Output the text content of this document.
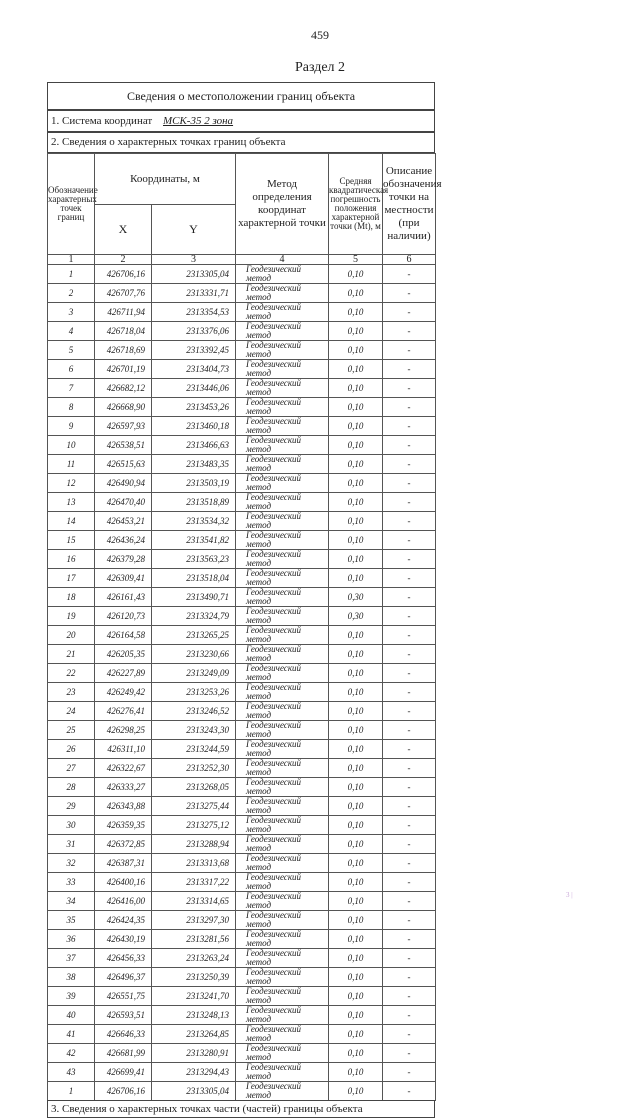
459
Раздел 2
Сведения о местоположении границ объекта
1. Система координат МСК-35 2 зона
2. Сведения о характерных точках границ объекта
Обозначение характерных точек границ	Координаты, м		Метод определения координат характерной точки	Средняя квадратическая погрешность положения характерной точки (Mt), м	Описание обозначения точки на местности (при наличии)
	X	Y			
1	2	3	4	5	6
1	426706,16	2313305,04	Геодезический метод	0,10	-
2	426707,76	2313331,71	Геодезический метод	0,10	-
3	426711,94	2313354,53	Геодезический метод	0,10	-
4	426718,04	2313376,06	Геодезический метод	0,10	-
5	426718,69	2313392,45	Геодезический метод	0,10	-
6	426701,19	2313404,73	Геодезический метод	0,10	-
7	426682,12	2313446,06	Геодезический метод	0,10	-
8	426668,90	2313453,26	Геодезический метод	0,10	-
9	426597,93	2313460,18	Геодезический метод	0,10	-
10	426538,51	2313466,63	Геодезический метод	0,10	-
11	426515,63	2313483,35	Геодезический метод	0,10	-
12	426490,94	2313503,19	Геодезический метод	0,10	-
13	426470,40	2313518,89	Геодезический метод	0,10	-
14	426453,21	2313534,32	Геодезический метод	0,10	-
15	426436,24	2313541,82	Геодезический метод	0,10	-
16	426379,28	2313563,23	Геодезический метод	0,10	-
17	426309,41	2313518,04	Геодезический метод	0,10	-
18	426161,43	2313490,71	Геодезический метод	0,30	-
19	426120,73	2313324,79	Геодезический метод	0,30	-
20	426164,58	2313265,25	Геодезический метод	0,10	-
21	426205,35	2313230,66	Геодезический метод	0,10	-
22	426227,89	2313249,09	Геодезический метод	0,10	-
23	426249,42	2313253,26	Геодезический метод	0,10	-
24	426276,41	2313246,52	Геодезический метод	0,10	-
25	426298,25	2313243,30	Геодезический метод	0,10	-
26	426311,10	2313244,59	Геодезический метод	0,10	-
27	426322,67	2313252,30	Геодезический метод	0,10	-
28	426333,27	2313268,05	Геодезический метод	0,10	-
29	426343,88	2313275,44	Геодезический метод	0,10	-
30	426359,35	2313275,12	Геодезический метод	0,10	-
31	426372,85	2313288,94	Геодезический метод	0,10	-
32	426387,31	2313313,68	Геодезический метод	0,10	-
33	426400,16	2313317,22	Геодезический метод	0,10	-
34	426416,00	2313314,65	Геодезический метод	0,10	-
35	426424,35	2313297,30	Геодезический метод	0,10	-
36	426430,19	2313281,56	Геодезический метод	0,10	-
37	426456,33	2313263,24	Геодезический метод	0,10	-
38	426496,37	2313250,39	Геодезический метод	0,10	-
39	426551,75	2313241,70	Геодезический метод	0,10	-
40	426593,51	2313248,13	Геодезический метод	0,10	-
41	426646,33	2313264,85	Геодезический метод	0,10	-
42	426681,99	2313280,91	Геодезический метод	0,10	-
43	426699,41	2313294,43	Геодезический метод	0,10	-
1	426706,16	2313305,04	Геодезический метод	0,10	-
3. Сведения о характерных точках части (частей) границы объекта
3 |
